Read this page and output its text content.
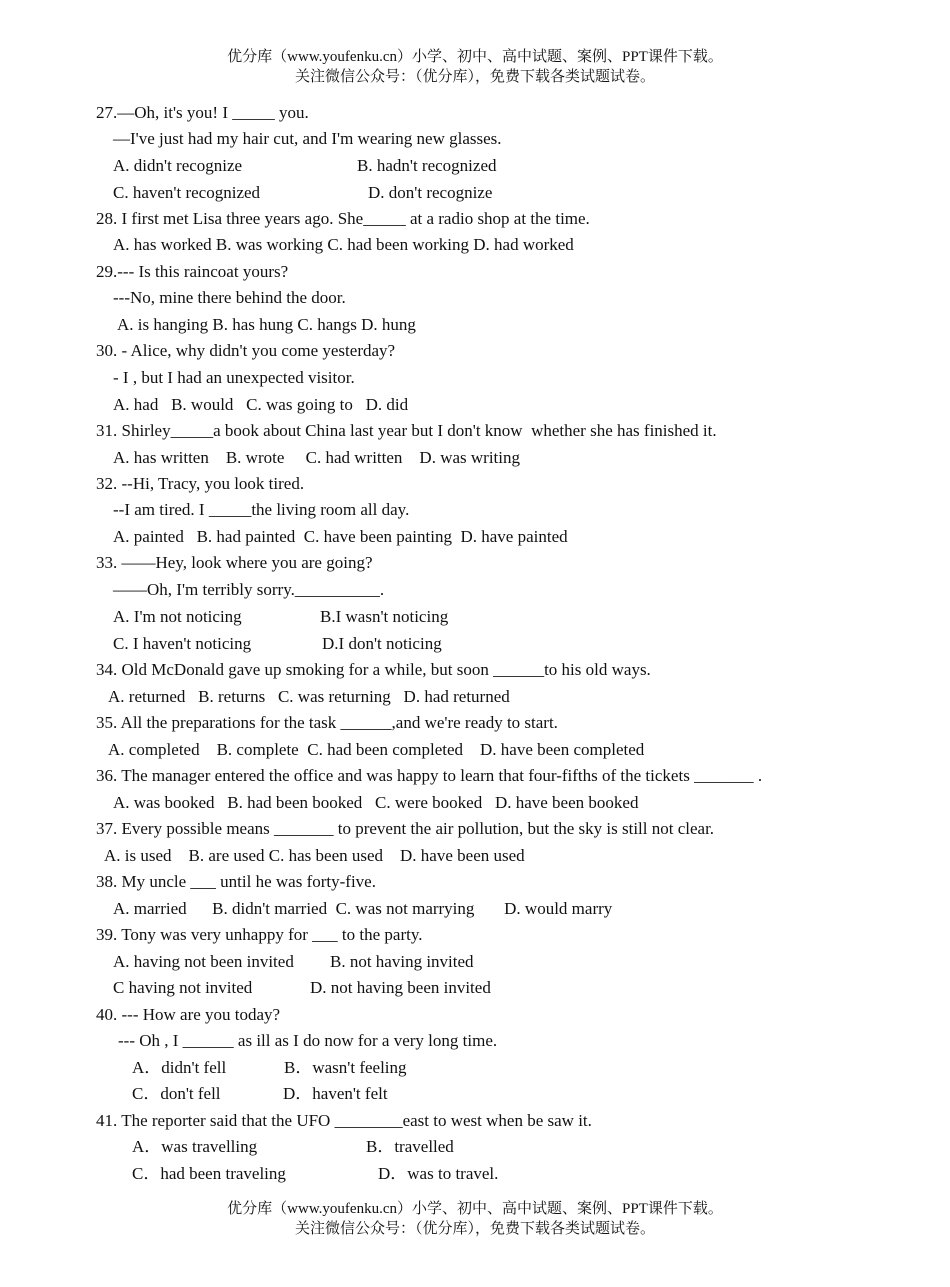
优分库（www.youfenku.cn）小学、初中、高中试题、案例、PPT课件下载。

关注微信公众号：（优分库），免费下载各类试题试卷。

27.—Oh, it's you! I _____ you.

—I've just had my hair cut, and I'm wearing new glasses.

A. didn't recognize	B. hadn't recognized

C. haven't recognized	D. don't recognize

28. I first met Lisa three years ago. She_____ at a radio shop at the time.

A. has worked B. was working C. had been working D. had worked

29.--- Is this raincoat yours?

---No, mine there behind the door.

A. is hanging B. has hung C. hangs D. hung

30. - Alice, why didn't you come yesterday?

- I , but I had an unexpected visitor.

A. had   B. would   C. was going to   D. did

31. Shirley_____a book about China last year but I don't know  whether she has finished it.

A. has written    B. wrote     C. had written    D. was writing

32. --Hi, Tracy, you look tired.

--I am tired. I _____the living room all day.

A. painted   B. had painted  C. have been painting  D. have painted

33. ——Hey, look where you are going?

——Oh, I'm terribly sorry.__________.

A. I'm not noticing	B.I wasn't noticing

C. I haven't noticing	D.I don't noticing

34. Old McDonald gave up smoking for a while, but soon ______to his old ways.

A. returned   B. returns   C. was returning   D. had returned

35. All the preparations for the task ______,and we're ready to start.

A. completed    B. complete  C. had been completed    D. have been completed

36. The manager entered the office and was happy to learn that four-fifths of the tickets _______ .

A. was booked   B. had been booked   C. were booked   D. have been booked

37. Every possible means _______ to prevent the air pollution, but the sky is still not clear.

A. is used    B. are used C. has been used    D. have been used

38. My uncle ___ until he was forty-five.

A. married      B. didn't married  C. was not marrying       D. would marry

39. Tony was very unhappy for ___ to the party.

A. having not been invited B. not having invited

C having not invited	D. not having been invited

40. --- How are you today?

--- Oh , I ______ as ill as I do now for a very long time.

A．didn't fell	B．wasn't feeling

C．don't fell	D．haven't felt

41. The reporter said that the UFO ________east to west when be saw it.

A．was travelling	B．travelled

C．had been traveling	D．was to travel.

优分库（www.youfenku.cn）小学、初中、高中试题、案例、PPT课件下载。

关注微信公众号：（优分库），免费下载各类试题试卷。
